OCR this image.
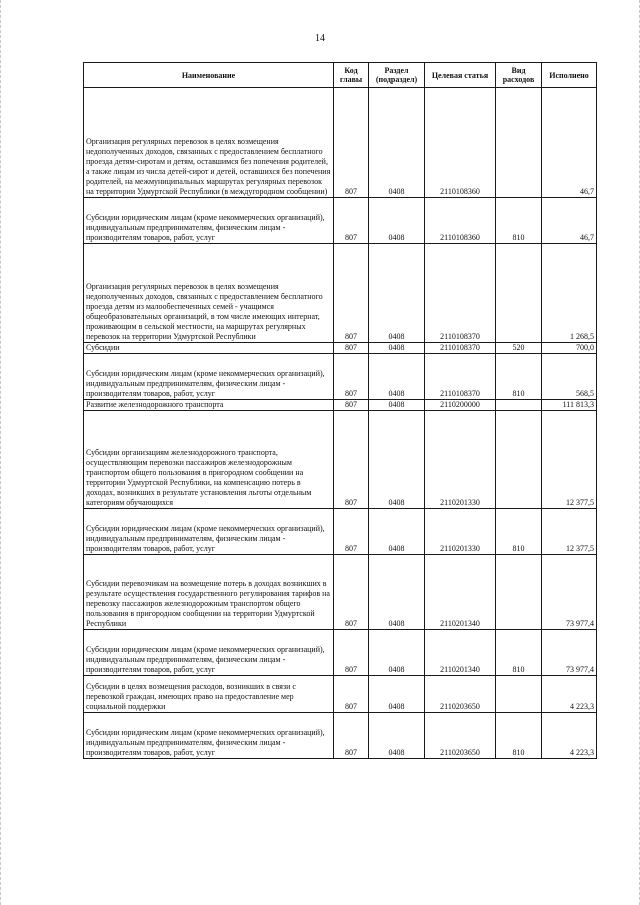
14
Наименование	Код главы	Раздел (подраздел)	Целевая статья	Вид расходов	Исполнено
Организация регулярных перевозок в целях возмещения недополученных доходов, связанных с предоставлением бесплатного проезда детям-сиротам и детям, оставшимся без попечения родителей, а также лицам из числа детей-сирот и детей, оставшихся без попечения родителей, на межмуниципальных маршрутах регулярных перевозок на территории Удмуртской Республики (в междугородном сообщении)	807	0408	2110108360		46,7
Субсидии юридическим лицам (кроме некоммерческих организаций), индивидуальным предпринимателям, физическим лицам - производителям товаров, работ, услуг	807	0408	2110108360	810	46,7
Организация регулярных перевозок в целях возмещения недополученных доходов, связанных с предоставлением бесплатного проезда детям из малообеспеченных семей - учащимся общеобразовательных организаций, в том числе имеющих интернат, проживающим в сельской местности, на маршрутах регулярных перевозок на территории Удмуртской Республики	807	0408	2110108370		1 268,5
Субсидии	807	0408	2110108370	520	700,0
Субсидии юридическим лицам (кроме некоммерческих организаций), индивидуальным предпринимателям, физическим лицам - производителям товаров, работ, услуг	807	0408	2110108370	810	568,5
Развитие железнодорожного транспорта	807	0408	2110200000		111 813,3
Субсидии организациям железнодорожного транспорта, осуществляющим перевозки пассажиров железнодорожным транспортом общего пользования в пригородном сообщении на территории Удмуртской Республики, на компенсацию потерь в доходах, возникших в результате установления льготы отдельным категориям обучающихся	807	0408	2110201330		12 377,5
Субсидии юридическим лицам (кроме некоммерческих организаций), индивидуальным предпринимателям, физическим лицам - производителям товаров, работ, услуг	807	0408	2110201330	810	12 377,5
Субсидии перевозчикам на возмещение потерь в доходах возникших в результате осуществления государственного регулирования тарифов на перевозку пассажиров железнодорожным транспортом общего пользования в пригородном сообщении на территории Удмуртской Республики	807	0408	2110201340		73 977,4
Субсидии юридическим лицам (кроме некоммерческих организаций), индивидуальным предпринимателям, физическим лицам - производителям товаров, работ, услуг	807	0408	2110201340	810	73 977,4
Субсидии в целях возмещения расходов, возникших в связи с перевозкой граждан, имеющих право на предоставление мер социальной поддержки	807	0408	2110203650		4 223,3
Субсидии юридическим лицам (кроме некоммерческих организаций), индивидуальным предпринимателям, физическим лицам - производителям товаров, работ, услуг	807	0408	2110203650	810	4 223,3
